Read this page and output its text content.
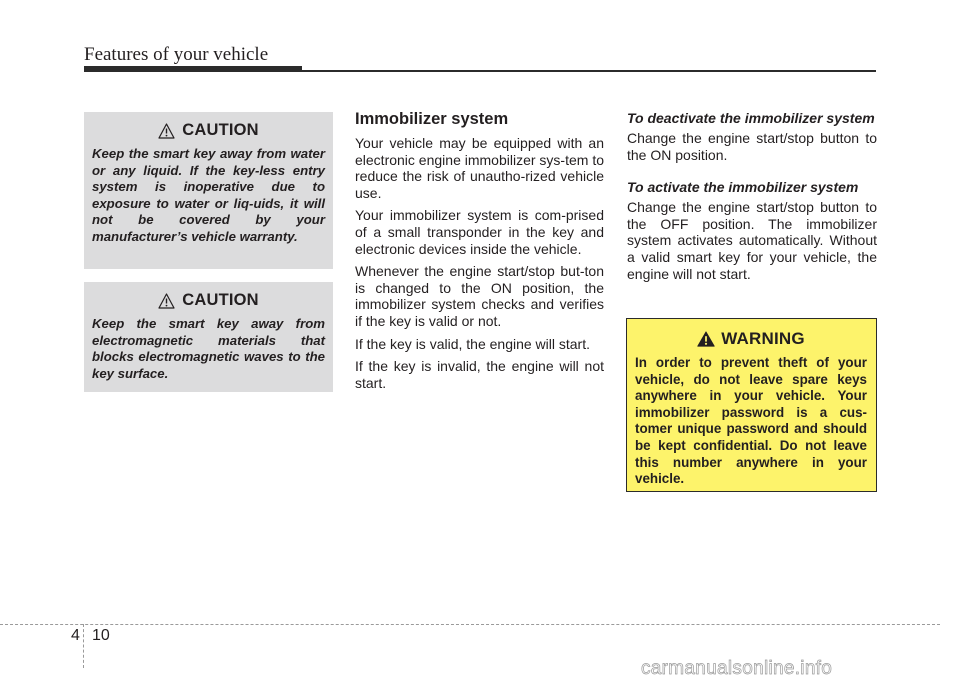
Features of your vehicle
CAUTION
Keep the smart key away from water or any liquid. If the key-less entry system is inoperative due to exposure to water or liq-uids, it will not be covered by your manufacturer’s vehicle warranty.
CAUTION
Keep the smart key away from electromagnetic materials that blocks electromagnetic waves to the key surface.
Immobilizer system

Your vehicle may be equipped with an electronic engine immobilizer sys-tem to reduce the risk of unautho-rized vehicle use.

Your immobilizer system is com-prised of a small transponder in the key and electronic devices inside the vehicle.

Whenever the engine start/stop but-ton is changed to the ON position, the immobilizer system checks and verifies if the key is valid or not.

If the key is valid, the engine will start.

If the key is invalid, the engine will not start.

To deactivate the immobilizer system

Change the engine start/stop button to the ON position.

To activate the immobilizer system

Change the engine start/stop button to the OFF position. The immobilizer system activates automatically. Without a valid smart key for your vehicle, the engine will not start.

WARNING
In order to prevent theft of your vehicle, do not leave spare keys anywhere in your vehicle. Your immobilizer password is a cus-tomer unique password and should be kept confidential. Do not leave this number anywhere in your vehicle.
4 10
carmanualsonline.info
